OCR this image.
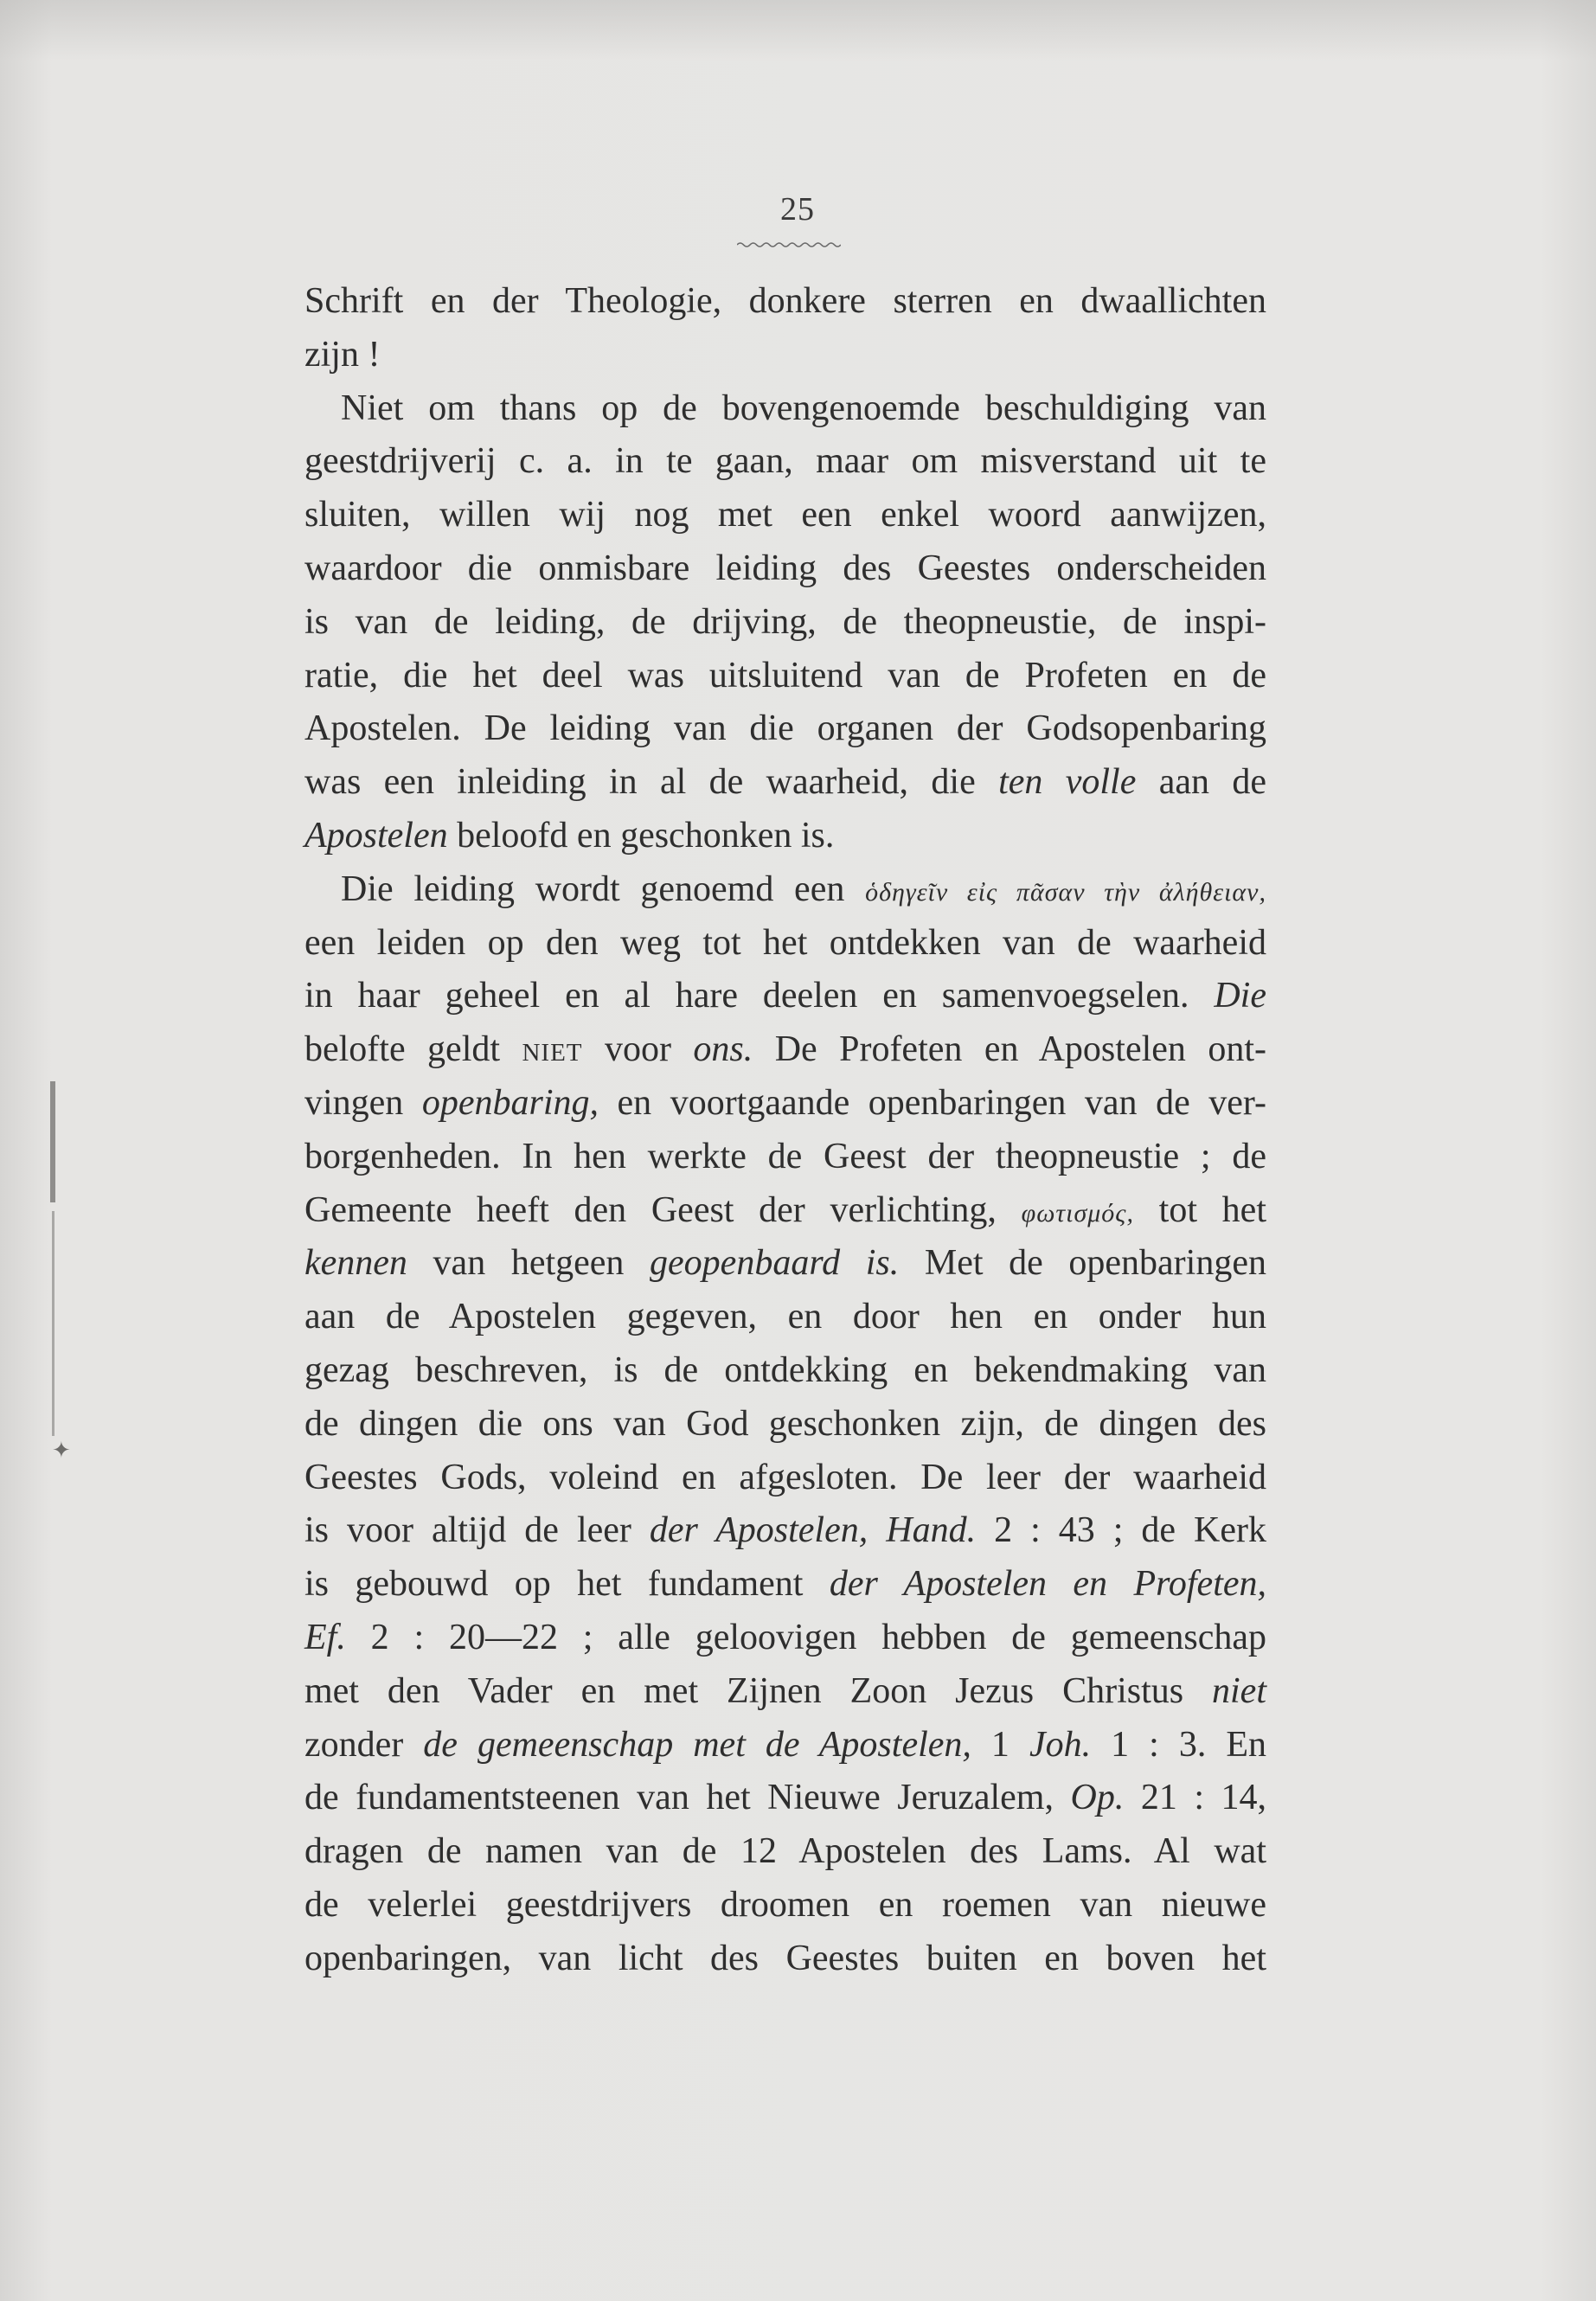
25
Schrift en der Theologie, donkere sterren en dwaallichten
zijn !
Niet om thans op de bovengenoemde beschuldiging van
geestdrijverij c. a. in te gaan, maar om misverstand uit te
sluiten, willen wij nog met een enkel woord aanwijzen,
waardoor die onmisbare leiding des Geestes onderscheiden
is van de leiding, de drijving, de theopneustie, de inspi-
ratie, die het deel was uitsluitend van de Profeten en de
Apostelen. De leiding van die organen der Godsopenbaring
was een inleiding in al de waarheid, die ten volle aan de
Apostelen beloofd en geschonken is.
Die leiding wordt genoemd een ὁδηγεῖν εἰς πᾶσαν τὴν ἀλήθειαν,
een leiden op den weg tot het ontdekken van de waarheid
in haar geheel en al hare deelen en samenvoegselen. Die
belofte geldt niet voor ons. De Profeten en Apostelen ont-
vingen openbaring, en voortgaande openbaringen van de ver-
borgenheden. In hen werkte de Geest der theopneustie ; de
Gemeente heeft den Geest der verlichting, φωτισμός, tot het
kennen van hetgeen geopenbaard is. Met de openbaringen
aan de Apostelen gegeven, en door hen en onder hun
gezag beschreven, is de ontdekking en bekendmaking van
de dingen die ons van God geschonken zijn, de dingen des
Geestes Gods, voleind en afgesloten. De leer der waarheid
is voor altijd de leer der Apostelen, Hand. 2 : 43 ; de Kerk
is gebouwd op het fundament der Apostelen en Profeten,
Ef. 2 : 20—22 ; alle geloovigen hebben de gemeenschap
met den Vader en met Zijnen Zoon Jezus Christus niet
zonder de gemeenschap met de Apostelen, 1 Joh. 1 : 3. En
de fundamentsteenen van het Nieuwe Jeruzalem, Op. 21 : 14,
dragen de namen van de 12 Apostelen des Lams. Al wat
de velerlei geestdrijvers droomen en roemen van nieuwe
openbaringen, van licht des Geestes buiten en boven het
✦
